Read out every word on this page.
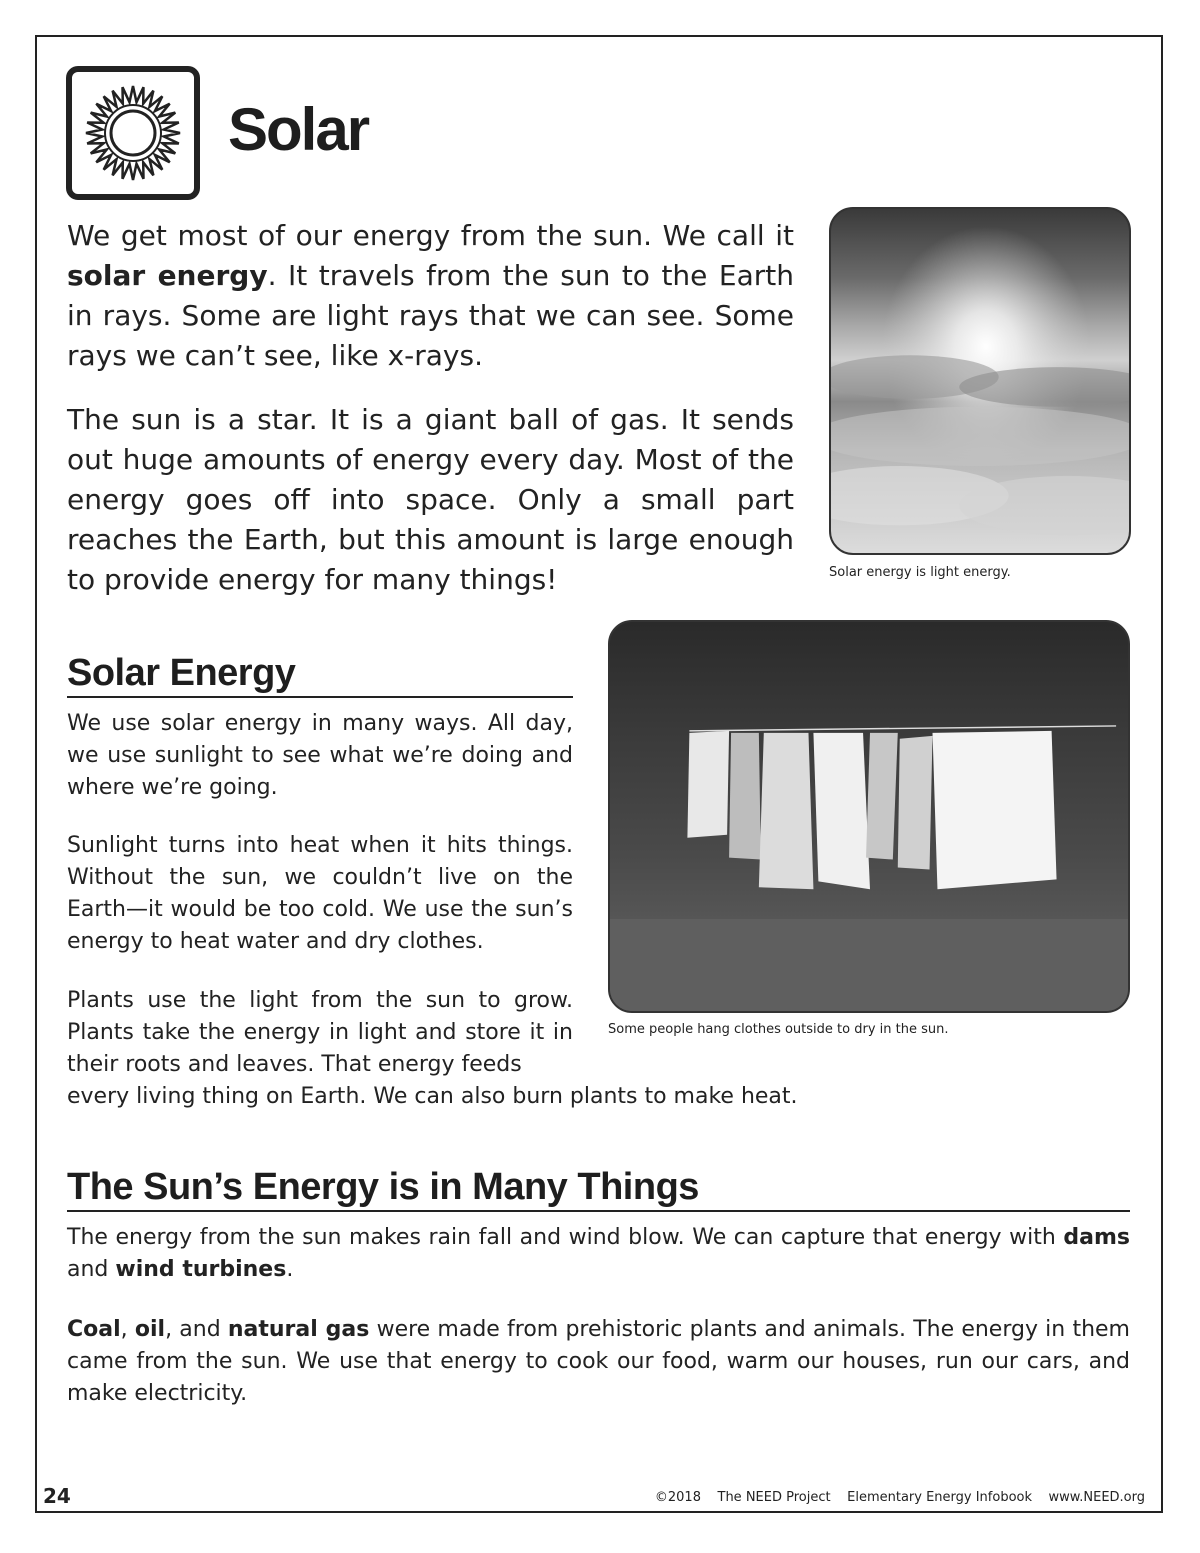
Solar

We get most of our energy from the sun. We call it solar energy. It travels from the sun to the Earth in rays. Some are light rays that we can see. Some rays we can’t see, like x-rays.

The sun is a star. It is a giant ball of gas. It sends out huge amounts of energy every day. Most of the energy goes off into space. Only a small part reaches the Earth, but this amount is large enough to provide energy for many things!	Solar energy is light energy.
Some people hang clothes outside to dry in the sun.
Solar Energy

We use solar energy in many ways. All day, we use sunlight to see what we’re doing and where we’re going.

Sunlight turns into heat when it hits things. Without the sun, we couldn’t live on the Earth—it would be too cold. We use the sun’s energy to heat water and dry clothes.

Plants use the light from the sun to grow. Plants take the energy in light and store it in their roots and leaves. That energy feeds

every living thing on Earth. We can also burn plants to make heat.

The Sun’s Energy is in Many Things

The energy from the sun makes rain fall and wind blow. We can capture that energy with dams and wind turbines.

Coal, oil, and natural gas were made from prehistoric plants and animals. The energy in them came from the sun. We use that energy to cook our food, warm our houses, run our cars, and make electricity.

24	©2018    The NEED Project    Elementary Energy Infobook    www.NEED.org
